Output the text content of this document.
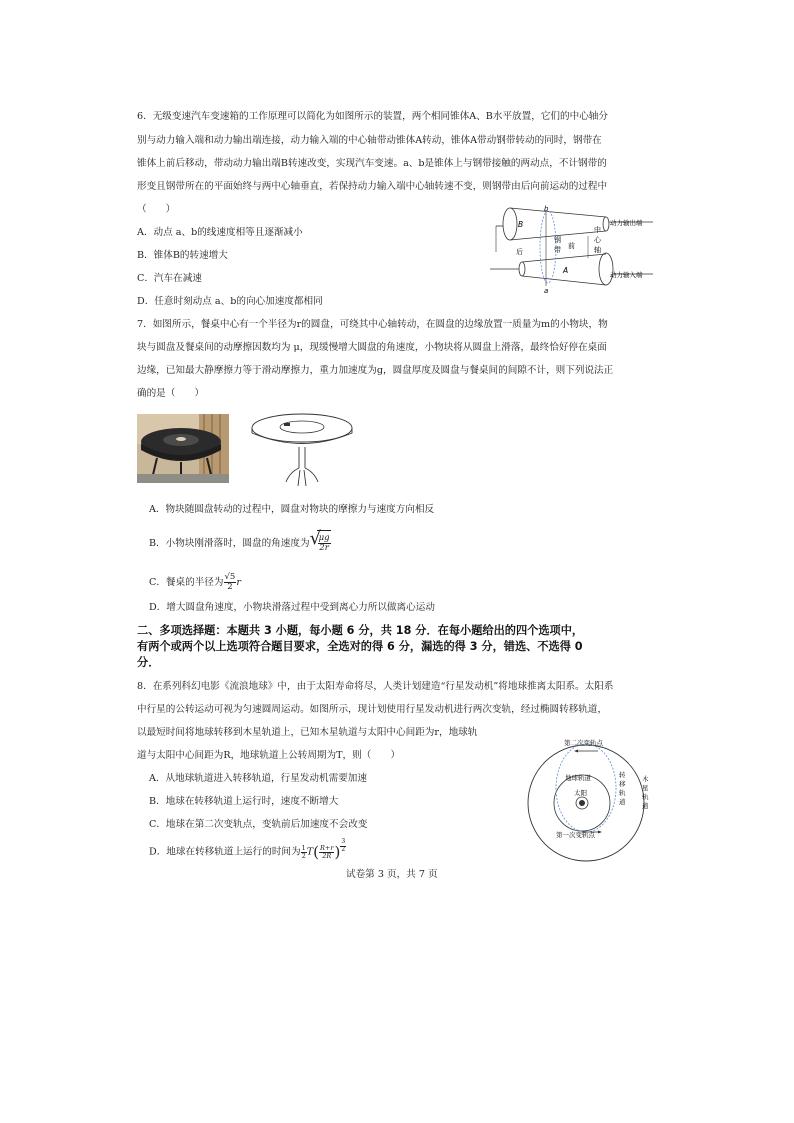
6．无级变速汽车变速箱的工作原理可以简化为如图所示的装置，两个相同锥体A、B水平放置，它们的中心轴分
别与动力输入端和动力输出端连接，动力输入端的中心轴带动锥体A转动，锥体A带动钢带转动的同时，钢带在
锥体上前后移动，带动动力输出端B转速改变，实现汽车变速。a、b是锥体上与钢带接触的两动点，不计钢带的
形变且钢带所在的平面始终与两中心轴垂直，若保持动力输入端中心轴转速不变，则钢带由后向前运动的过程中
（　　）
A．动点 a、b的线速度相等且逐渐减小
B．锥体B的转速增大
C．汽车在减速
D．任意时刻动点 a、b的向心加速度都相同
b
a
B
A
后
前
钢带
中心轴
动力输出端
动力输入端
7．如图所示，餐桌中心有一个半径为r的圆盘，可绕其中心轴转动，在圆盘的边缘放置一质量为m的小物块，物
块与圆盘及餐桌间的动摩擦因数均为 μ，现缓慢增大圆盘的角速度，小物块将从圆盘上滑落，最终恰好停在桌面
边缘，已知最大静摩擦力等于滑动摩擦力，重力加速度为g，圆盘厚度及圆盘与餐桌间的间隙不计，则下列说法正
确的是（　　）
A．物块随圆盘转动的过程中，圆盘对物块的摩擦力与速度方向相反
B．小物块刚滑落时，圆盘的角速度为 √
$\frac{\mu g}{2r}$
C．餐桌的半径为 $\frac{√5}{2}$ r
D．增大圆盘角速度，小物块滑落过程中受到离心力所以做离心运动
二、多项选择题：本题共 3 小题，每小题 6 分，共 18 分．在每小题给出的四个选项中，
有两个或两个以上选项符合题目要求，全选对的得 6 分，漏选的得 3 分，错选、不选得 0
分．
8．在系列科幻电影《流浪地球》中，由于太阳寿命将尽，人类计划建造“行星发动机”将地球推离太阳系。太阳系
中行星的公转运动可视为匀速圆周运动。如图所示，现计划使用行星发动机进行两次变轨，经过椭圆转移轨道，
以最短时间将地球转移到木星轨道上，已知木星轨道与太阳中心间距为r，地球轨
道与太阳中心间距为R，地球轨道上公转周期为T，则（　　）
A．从地球轨道进入转移轨道，行星发动机需要加速
B．地球在转移轨道上运行时，速度不断增大
C．地球在第二次变轨点，变轨前后加速度不会改变
D．地球在转移轨道上运行的时间为 $\frac{1}{2} T( \frac{R+r}{2R}$ ) $\frac{3}{2}$
第二次变轨点
地球轨道
太阳
第一次变轨点
转移轨道
木星轨道
试卷第 3 页，共 7 页
